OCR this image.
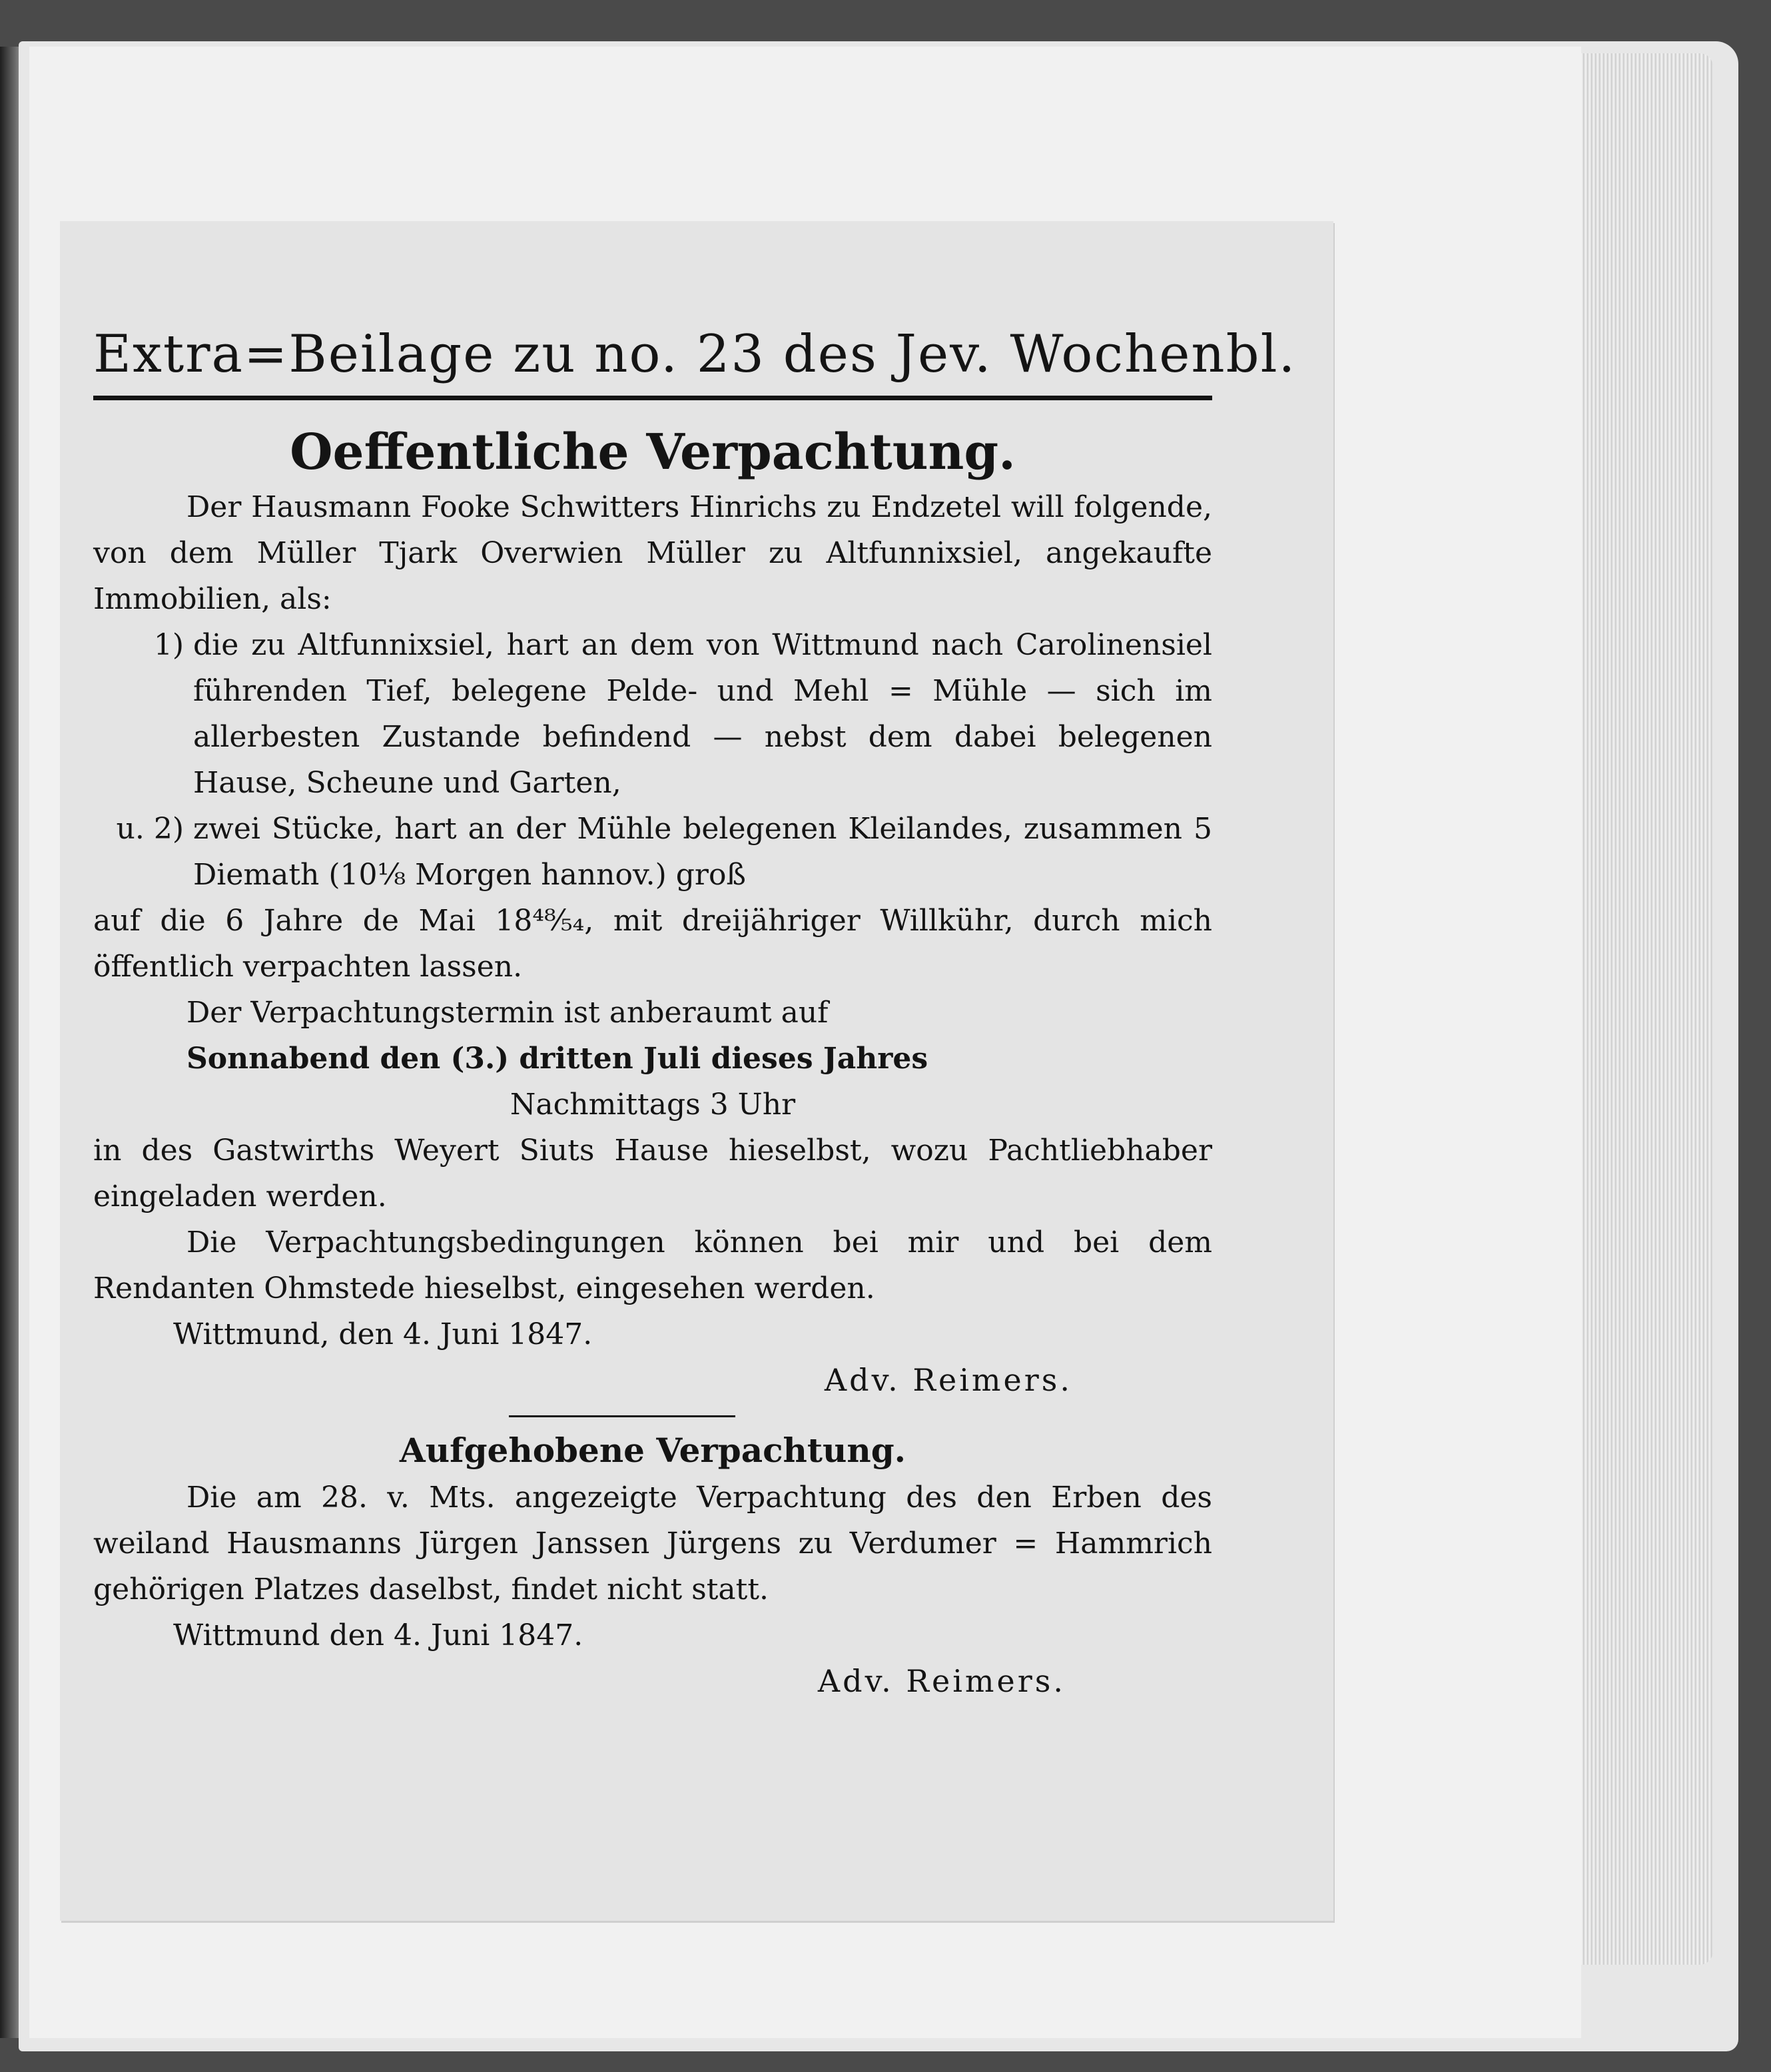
Extra=Beilage zu no. 23 des Jev. Wochenbl.
Oeffentliche Verpachtung.

Der Hausmann Fooke Schwitters Hinrichs zu Endzetel will folgende, von dem Müller Tjark Overwien Müller zu Altfunnixsiel, angekaufte Immobilien, als:

1) die zu Altfunnixsiel, hart an dem von Wittmund nach Carolinensiel führenden Tief, belegene Pelde- und Mehl = Mühle — sich im allerbesten Zustande befindend — nebst dem dabei belegenen Hause, Scheune und Garten,
u. 2) zwei Stücke, hart an der Mühle belegenen Kleilandes, zusammen 5 Diemath (10⅛ Morgen hannov.) groß

auf die 6 Jahre de Mai 18⁴⁸⁄₅₄, mit dreijähriger Willkühr, durch mich öffentlich verpachten lassen.

Der Verpachtungstermin ist anberaumt auf

Sonnabend den (3.) dritten Juli dieses Jahres

Nachmittags 3 Uhr

in des Gastwirths Weyert Siuts Hause hieselbst, wozu Pachtliebhaber eingeladen werden.

Die Verpachtungsbedingungen können bei mir und bei dem Rendanten Ohmstede hieselbst, eingesehen werden.

Wittmund, den 4. Juni 1847.

Adv. Reimers.
Aufgehobene Verpachtung.

Die am 28. v. Mts. angezeigte Verpachtung des den Erben des weiland Hausmanns Jürgen Janssen Jürgens zu Verdumer = Hammrich gehörigen Platzes daselbst, findet nicht statt.

Wittmund den 4. Juni 1847.
Adv. Reimers.
